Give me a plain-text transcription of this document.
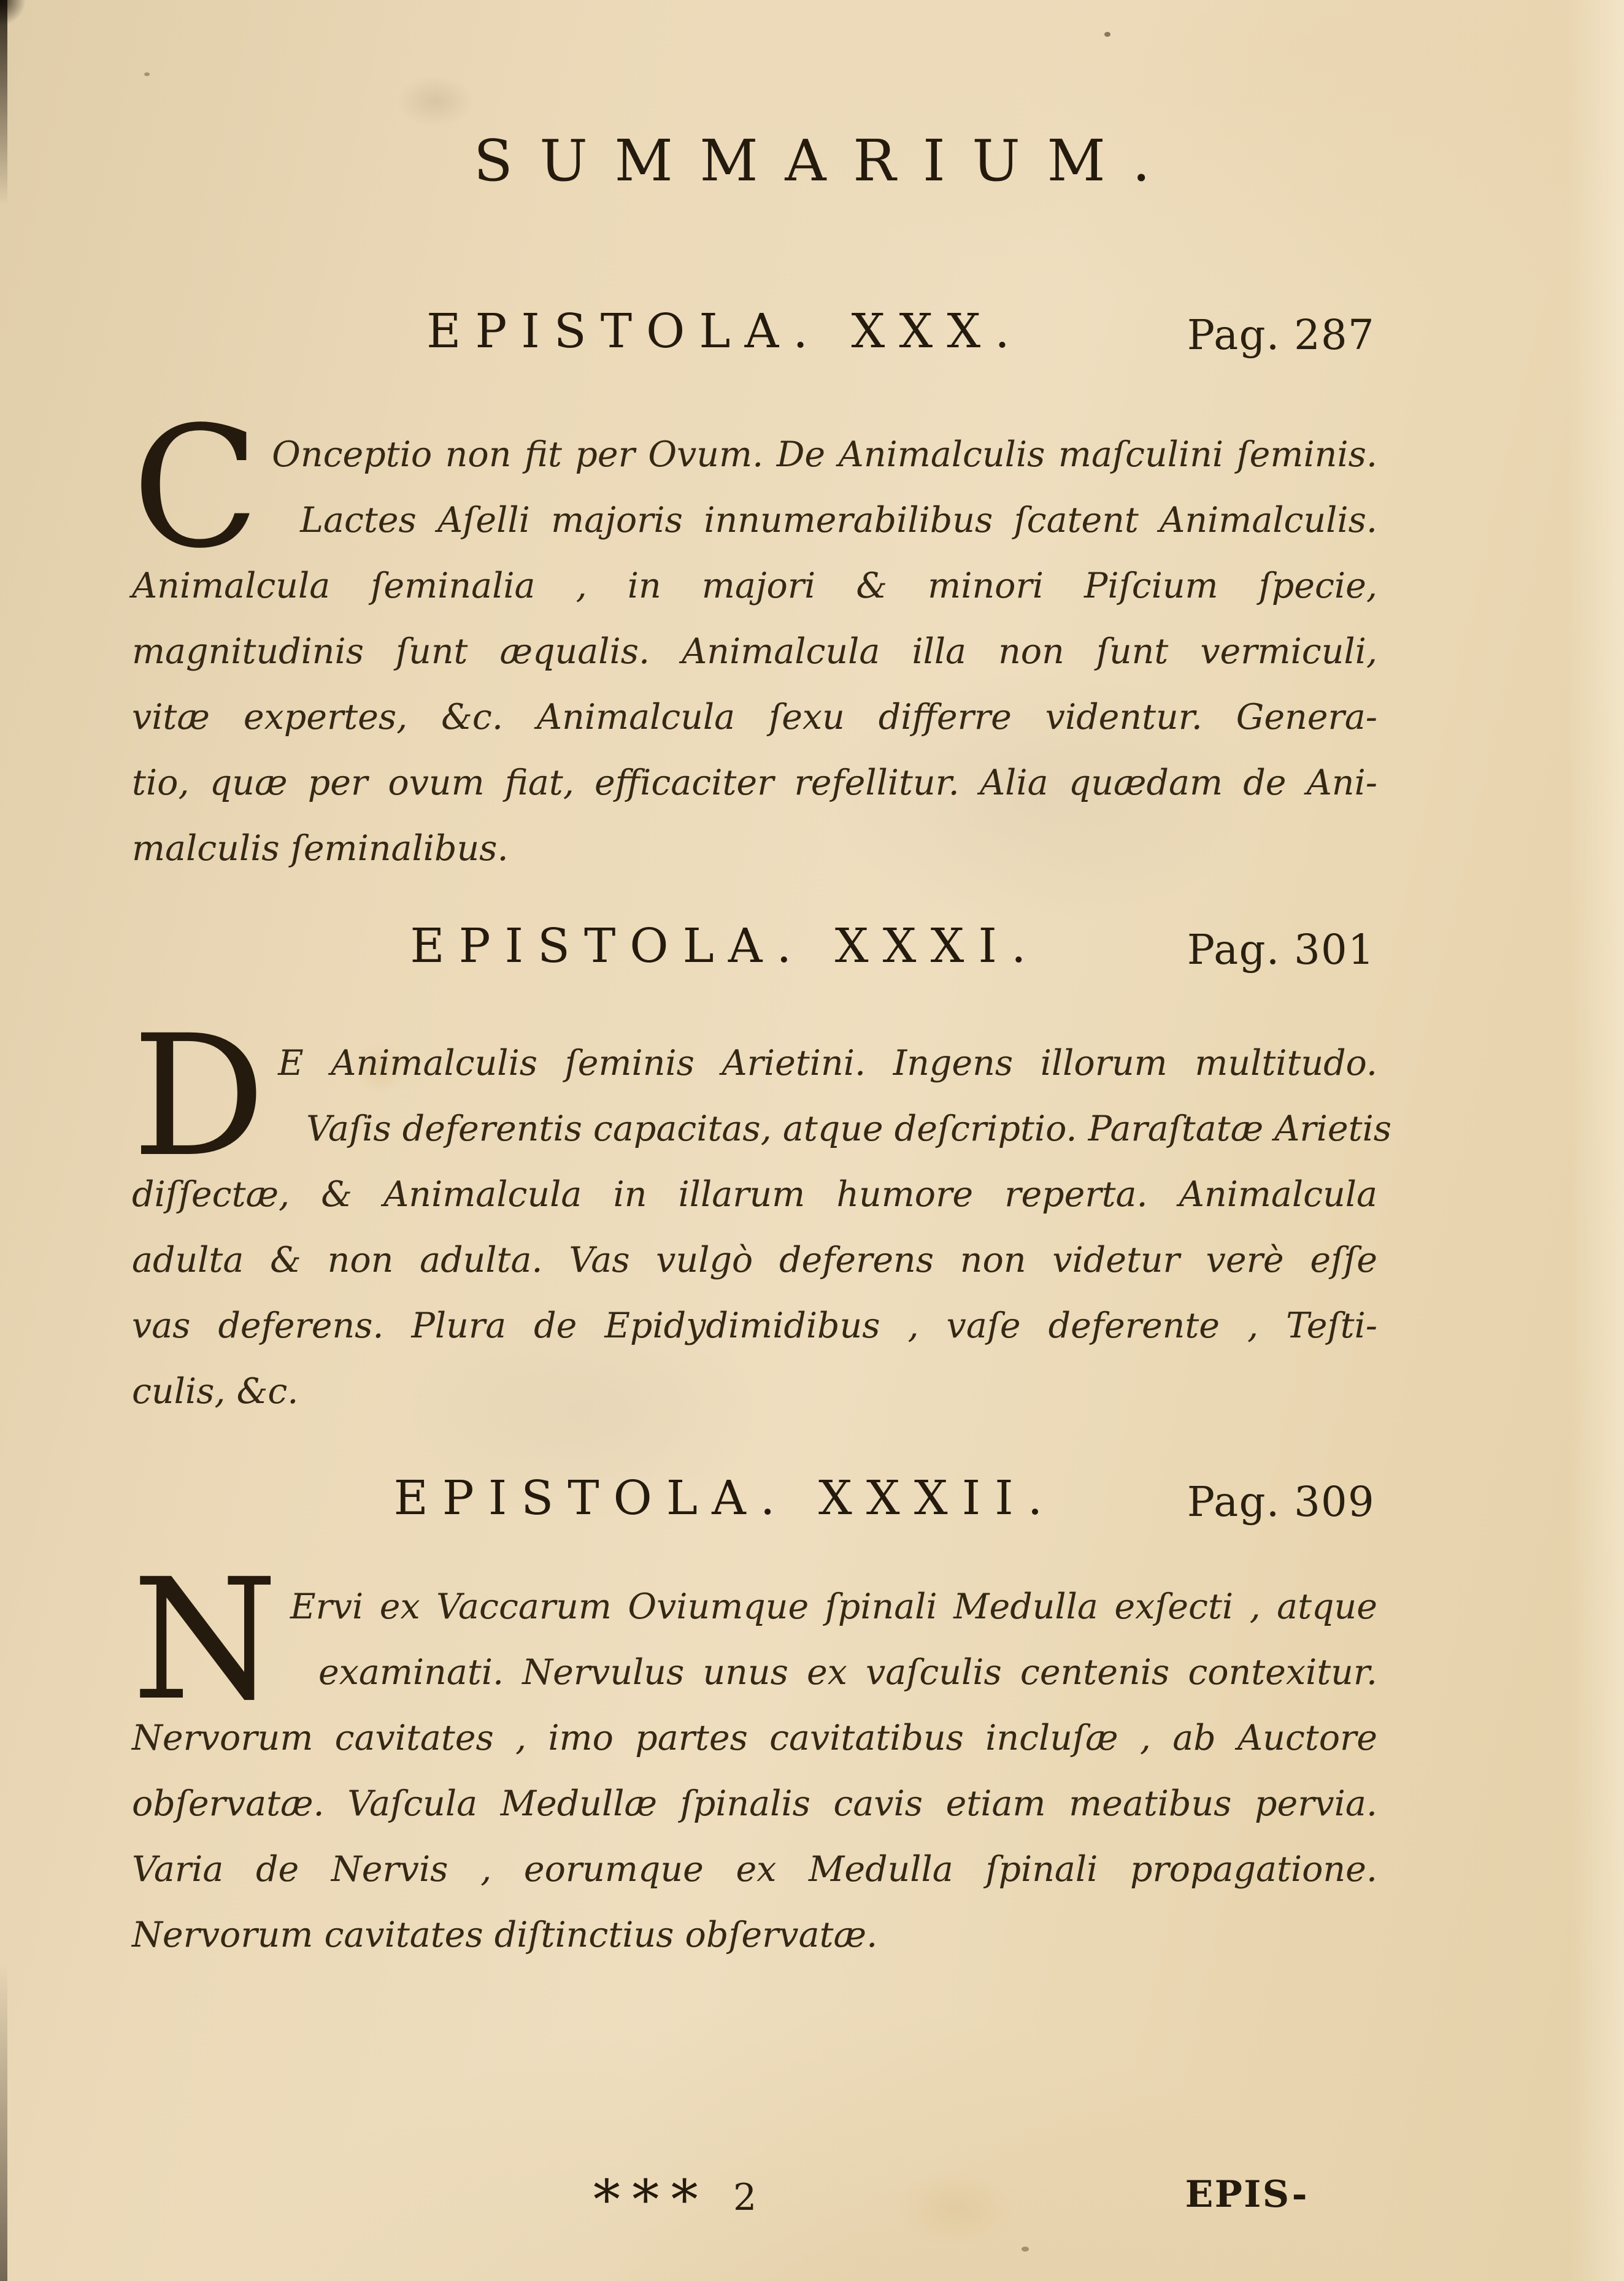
SUMMARIUM.
EPISTOLA. XXX.	Pag. 287
C Onceptio non fit per Ovum. De Animalculis maſculini ſeminis.
Lactes Aſelli majoris innumerabilibus ſcatent Animalculis.
Animalcula ſeminalia , in majori & minori Piſcium ſpecie,
magnitudinis ſunt æqualis. Animalcula illa non ſunt vermiculi,
vitæ expertes, &c. Animalcula ſexu differre videntur. Genera-
tio, quæ per ovum fiat, efficaciter refellitur. Alia quædam de Ani-
malculis ſeminalibus.
EPISTOLA. XXXI.	Pag. 301
D E Animalculis ſeminis Arietini. Ingens illorum multitudo.
Vaſis deferentis capacitas, atque deſcriptio. Paraſtatæ Arietis
diſſectæ, & Animalcula in illarum humore reperta. Animalcula
adulta & non adulta. Vas vulgò deferens non videtur verè eſſe
vas deferens. Plura de Epidydimidibus , vaſe deferente , Teſti-
culis, &c.
EPISTOLA. XXXII.	Pag. 309
N Ervi ex Vaccarum Oviumque ſpinali Medulla exſecti , atque
examinati. Nervulus unus ex vaſculis centenis contexitur.
Nervorum cavitates , imo partes cavitatibus incluſæ , ab Auctore
obſervatæ. Vaſcula Medullæ ſpinalis cavis etiam meatibus pervia.
Varia de Nervis , eorumque ex Medulla ſpinali propagatione.
Nervorum cavitates diſtinctius obſervatæ.
*** 2	EPIS-
